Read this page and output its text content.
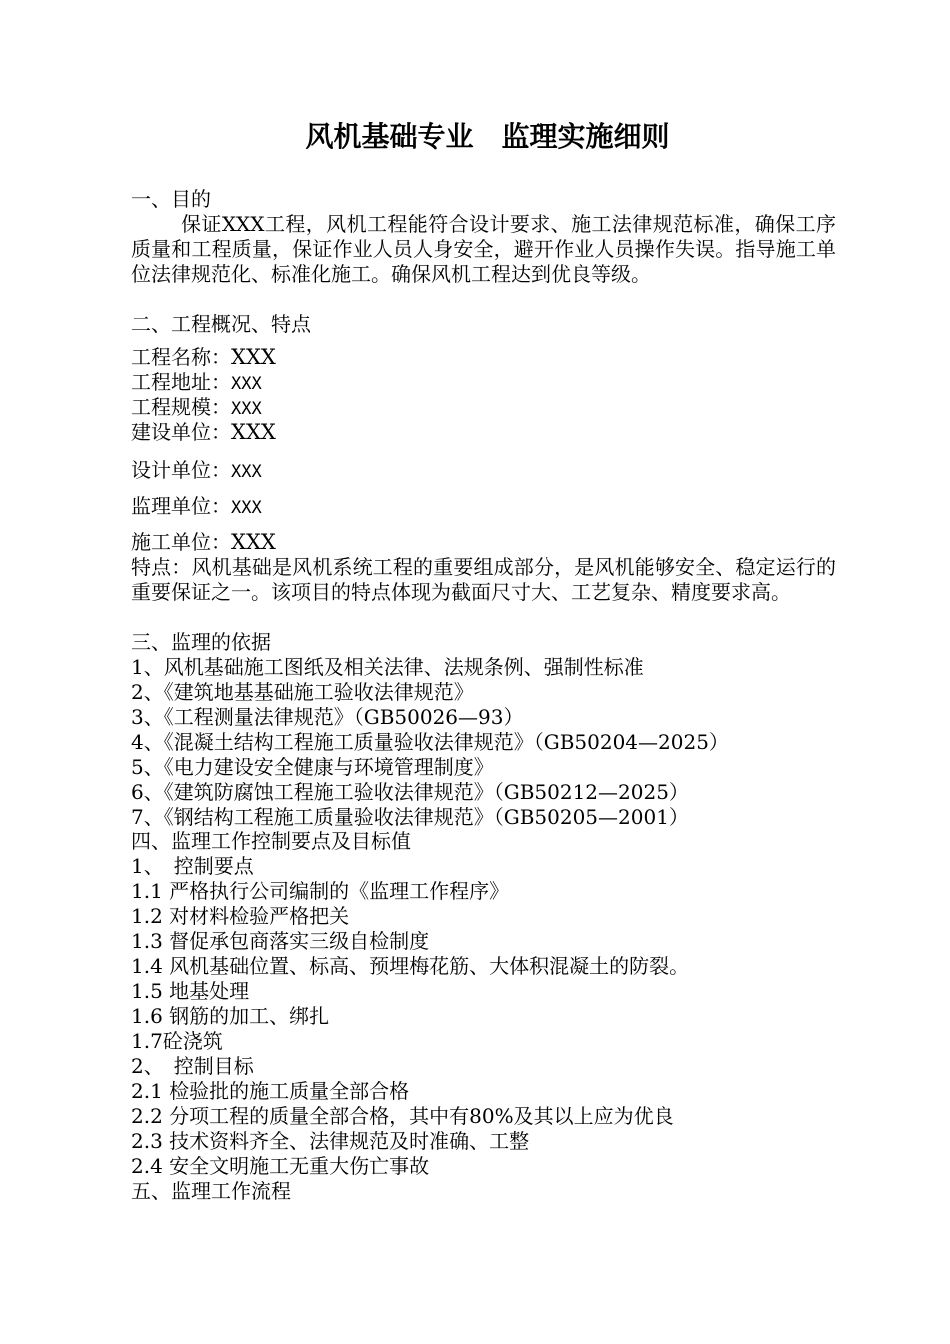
风机基础专业　监理实施细则
一、目的
保证XXX工程，风机工程能符合设计要求、施工法律规范标准，确保工序质量和工程质量，保证作业人员人身安全，避开作业人员操作失误。指导施工单位法律规范化、标准化施工。确保风机工程达到优良等级。
二、工程概况、特点
工程名称：XXX
工程地址：XXX
工程规模：XXX
建设单位：XXX
设计单位：XXX
监理单位：XXX
施工单位：XXX
特点：风机基础是风机系统工程的重要组成部分，是风机能够安全、稳定运行的重要保证之一。该项目的特点体现为截面尺寸大、工艺复杂、精度要求高。
三、监理的依据
1、风机基础施工图纸及相关法律、法规条例、强制性标准
2、《建筑地基基础施工验收法律规范》
3、《工程测量法律规范》（GB50026—93）
4、《混凝土结构工程施工质量验收法律规范》（GB50204—2025）
5、《电力建设安全健康与环境管理制度》
6、《建筑防腐蚀工程施工验收法律规范》（GB50212—2025）
7、《钢结构工程施工质量验收法律规范》（GB50205—2001）
四、监理工作控制要点及目标值
1、　控制要点
1.1 严格执行公司编制的《监理工作程序》
1.2 对材料检验严格把关
1.3 督促承包商落实三级自检制度
1.4 风机基础位置、标高、预埋梅花筋、大体积混凝土的防裂。
1.5 地基处理
1.6 钢筋的加工、绑扎
1.7砼浇筑
2、　控制目标
2.1 检验批的施工质量全部合格
2.2 分项工程的质量全部合格，其中有80%及其以上应为优良
2.3 技术资料齐全、法律规范及时准确、工整
2.4 安全文明施工无重大伤亡事故
五、监理工作流程
